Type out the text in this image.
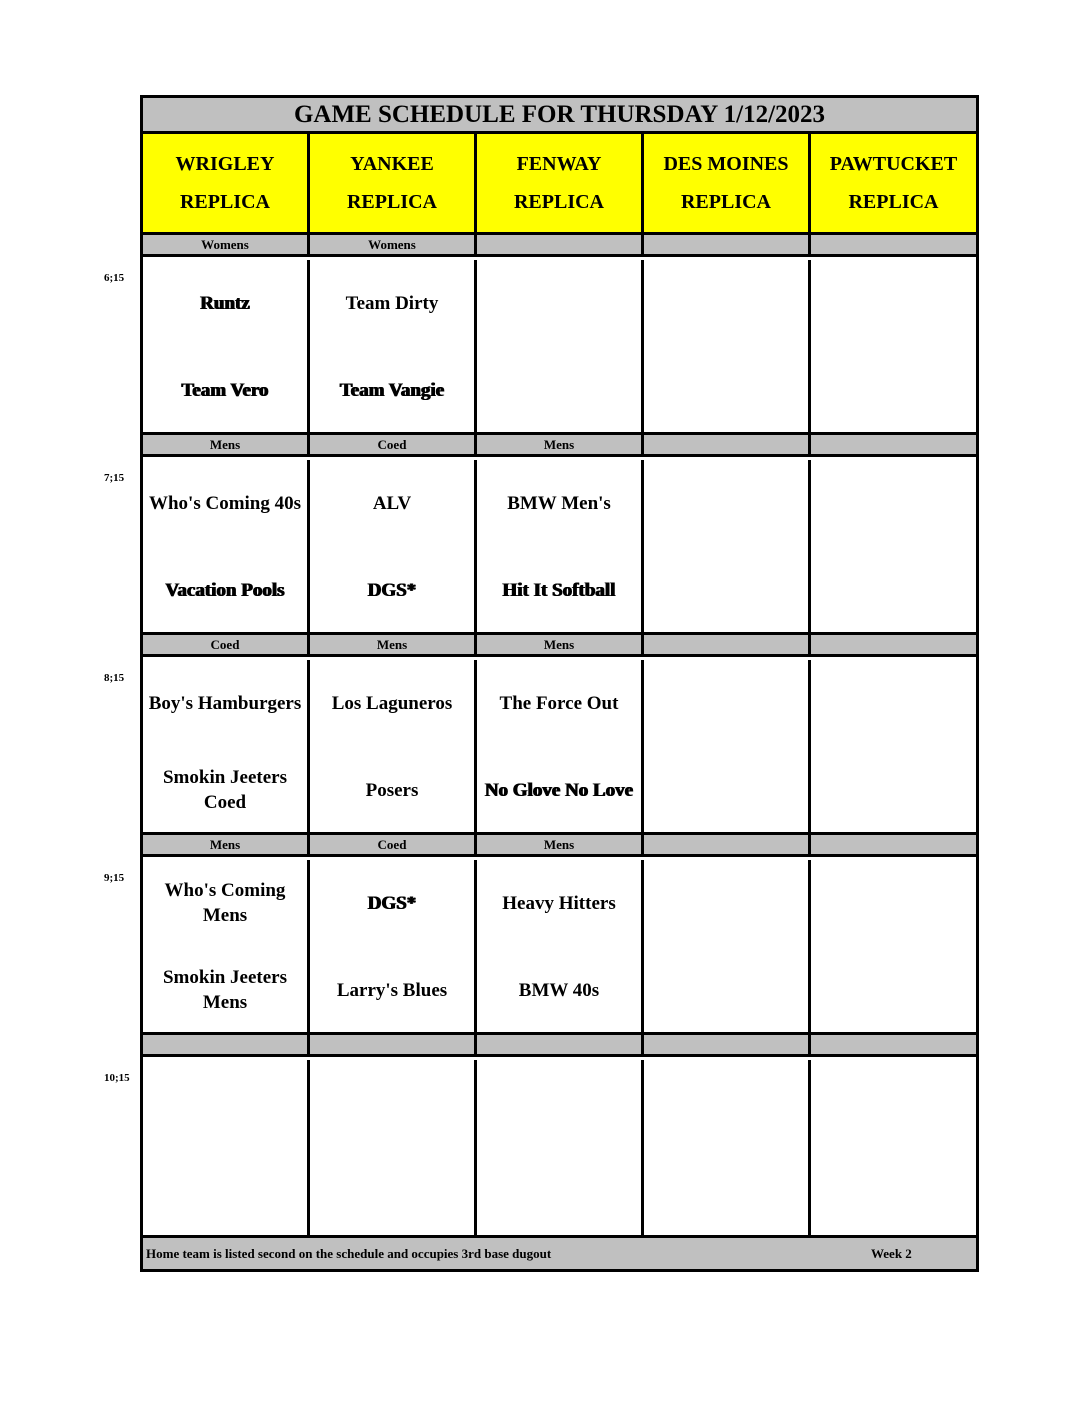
GAME SCHEDULE FOR THURSDAY 1/12/2023
Home team is listed second on the schedule and occupies 3rd base dugout	Week 2
WRIGLEY
REPLICA
YANKEE
REPLICA
FENWAY
REPLICA
DES MOINES
REPLICA
PAWTUCKET
REPLICA
Womens
Runtz
Team Vero
Womens
Team Dirty
Team Vangie
Mens
Who's Coming 40s
Vacation Pools
Coed
ALV
DGS*
Mens
BMW Men's
Hit It Softball
Coed
Boy's Hamburgers
Smokin Jeeters Coed
Mens
Los Laguneros
Posers
Mens
The Force Out
No Glove No Love
Mens
Who's Coming Mens
Smokin Jeeters Mens
Coed
DGS*
Larry's Blues
Mens
Heavy Hitters
BMW 40s
6;15
7;15
8;15
9;15
10;15
